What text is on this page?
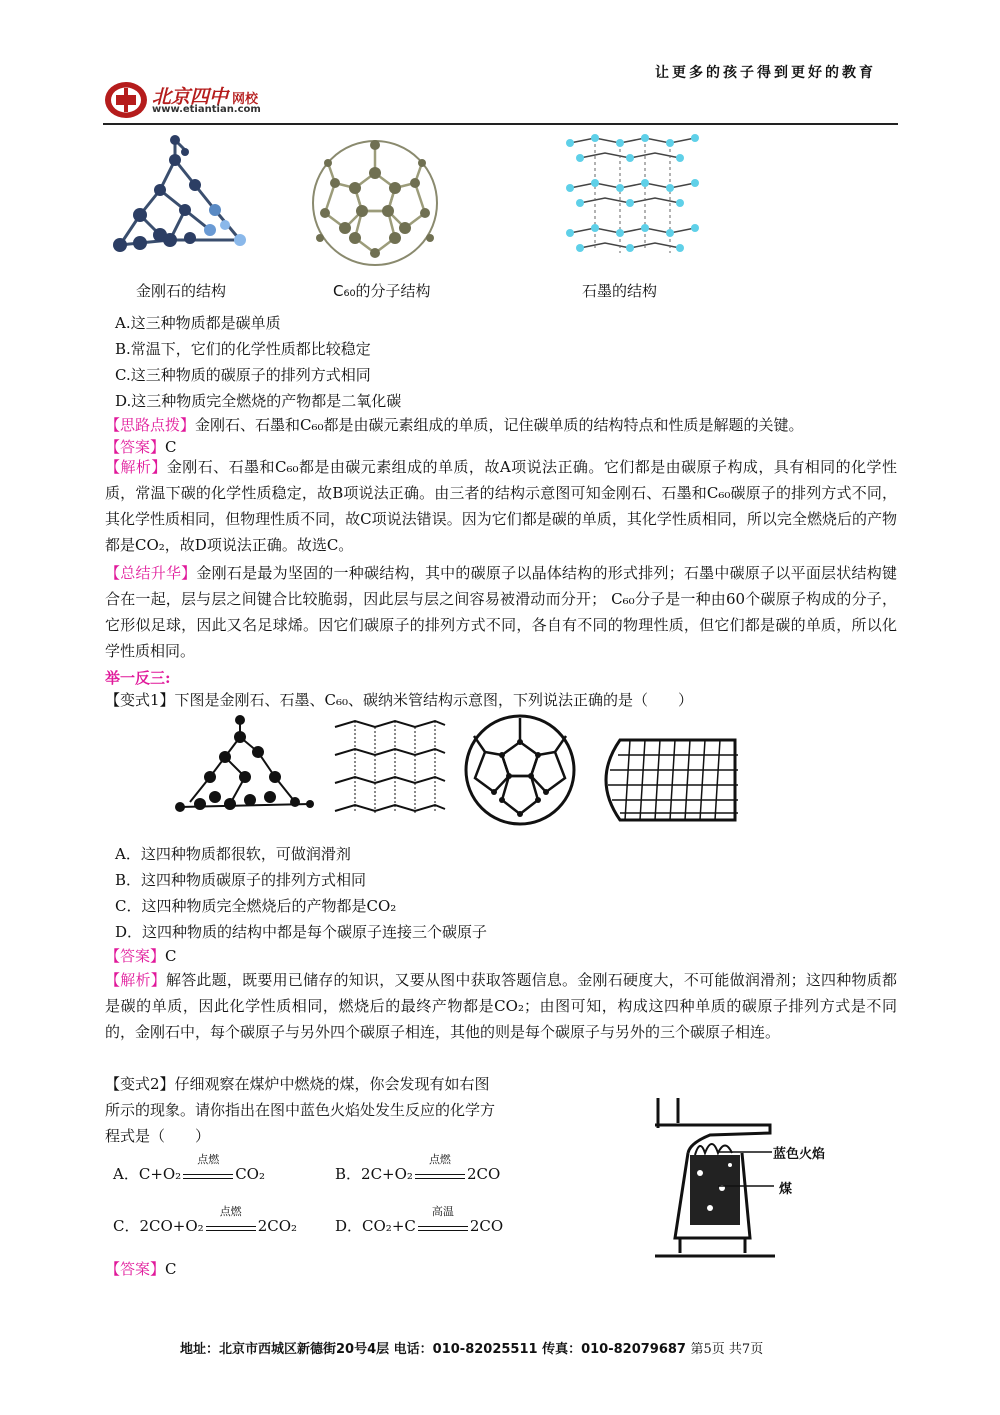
让更多的孩子得到更好的教育
北京四中 网校
www.etiantian.com
金刚石的结构	C₆₀的分子结构	石墨的结构
A.这三种物质都是碳单质
B.常温下，它们的化学性质都比较稳定
C.这三种物质的碳原子的排列方式相同
D.这三种物质完全燃烧的产物都是二氧化碳
【思路点拨】金刚石、石墨和C₆₀都是由碳元素组成的单质，记住碳单质的结构特点和性质是解题的关键。
【答案】C
【解析】金刚石、石墨和C₆₀都是由碳元素组成的单质，故A项说法正确。它们都是由碳原子构成，具有相同的化学性质，常温下碳的化学性质稳定，故B项说法正确。由三者的结构示意图可知金刚石、石墨和C₆₀碳原子的排列方式不同，其化学性质相同，但物理性质不同，故C项说法错误。因为它们都是碳的单质，其化学性质相同，所以完全燃烧后的产物都是CO₂，故D项说法正确。故选C。
【总结升华】金刚石是最为坚固的一种碳结构，其中的碳原子以晶体结构的形式排列；石墨中碳原子以平面层状结构键合在一起，层与层之间键合比较脆弱，因此层与层之间容易被滑动而分开； C₆₀分子是一种由60个碳原子构成的分子，它形似足球，因此又名足球烯。因它们碳原子的排列方式不同，各自有不同的物理性质，但它们都是碳的单质，所以化学性质相同。
举一反三:
【变式1】下图是金刚石、石墨、C₆₀、碳纳米管结构示意图，下列说法正确的是（　　）
A．这四种物质都很软，可做润滑剂
B．这四种物质碳原子的排列方式相同
C．这四种物质完全燃烧后的产物都是CO₂
D．这四种物质的结构中都是每个碳原子连接三个碳原子
【答案】C
【解析】解答此题，既要用已储存的知识，又要从图中获取答题信息。金刚石硬度大，不可能做润滑剂；这四种物质都是碳的单质，因此化学性质相同，燃烧后的最终产物都是CO₂；由图可知，构成这四种单质的碳原子排列方式是不同的，金刚石中，每个碳原子与另外四个碳原子相连，其他的则是每个碳原子与另外的三个碳原子相连。
【变式2】仔细观察在煤炉中燃烧的煤，你会发现有如右图
所示的现象。请你指出在图中蓝色火焰处发生反应的化学方
程式是（　　）
A．C+O₂
点燃
CO₂	B．2C+O₂
点燃
2CO
C．2CO+O₂
点燃
2CO₂	D．CO₂+C
高温
2CO
蓝色火焰
煤
【答案】C
地址：北京市西城区新德街20号4层 电话：010-82025511 传真：010-82079687 第5页 共7页
